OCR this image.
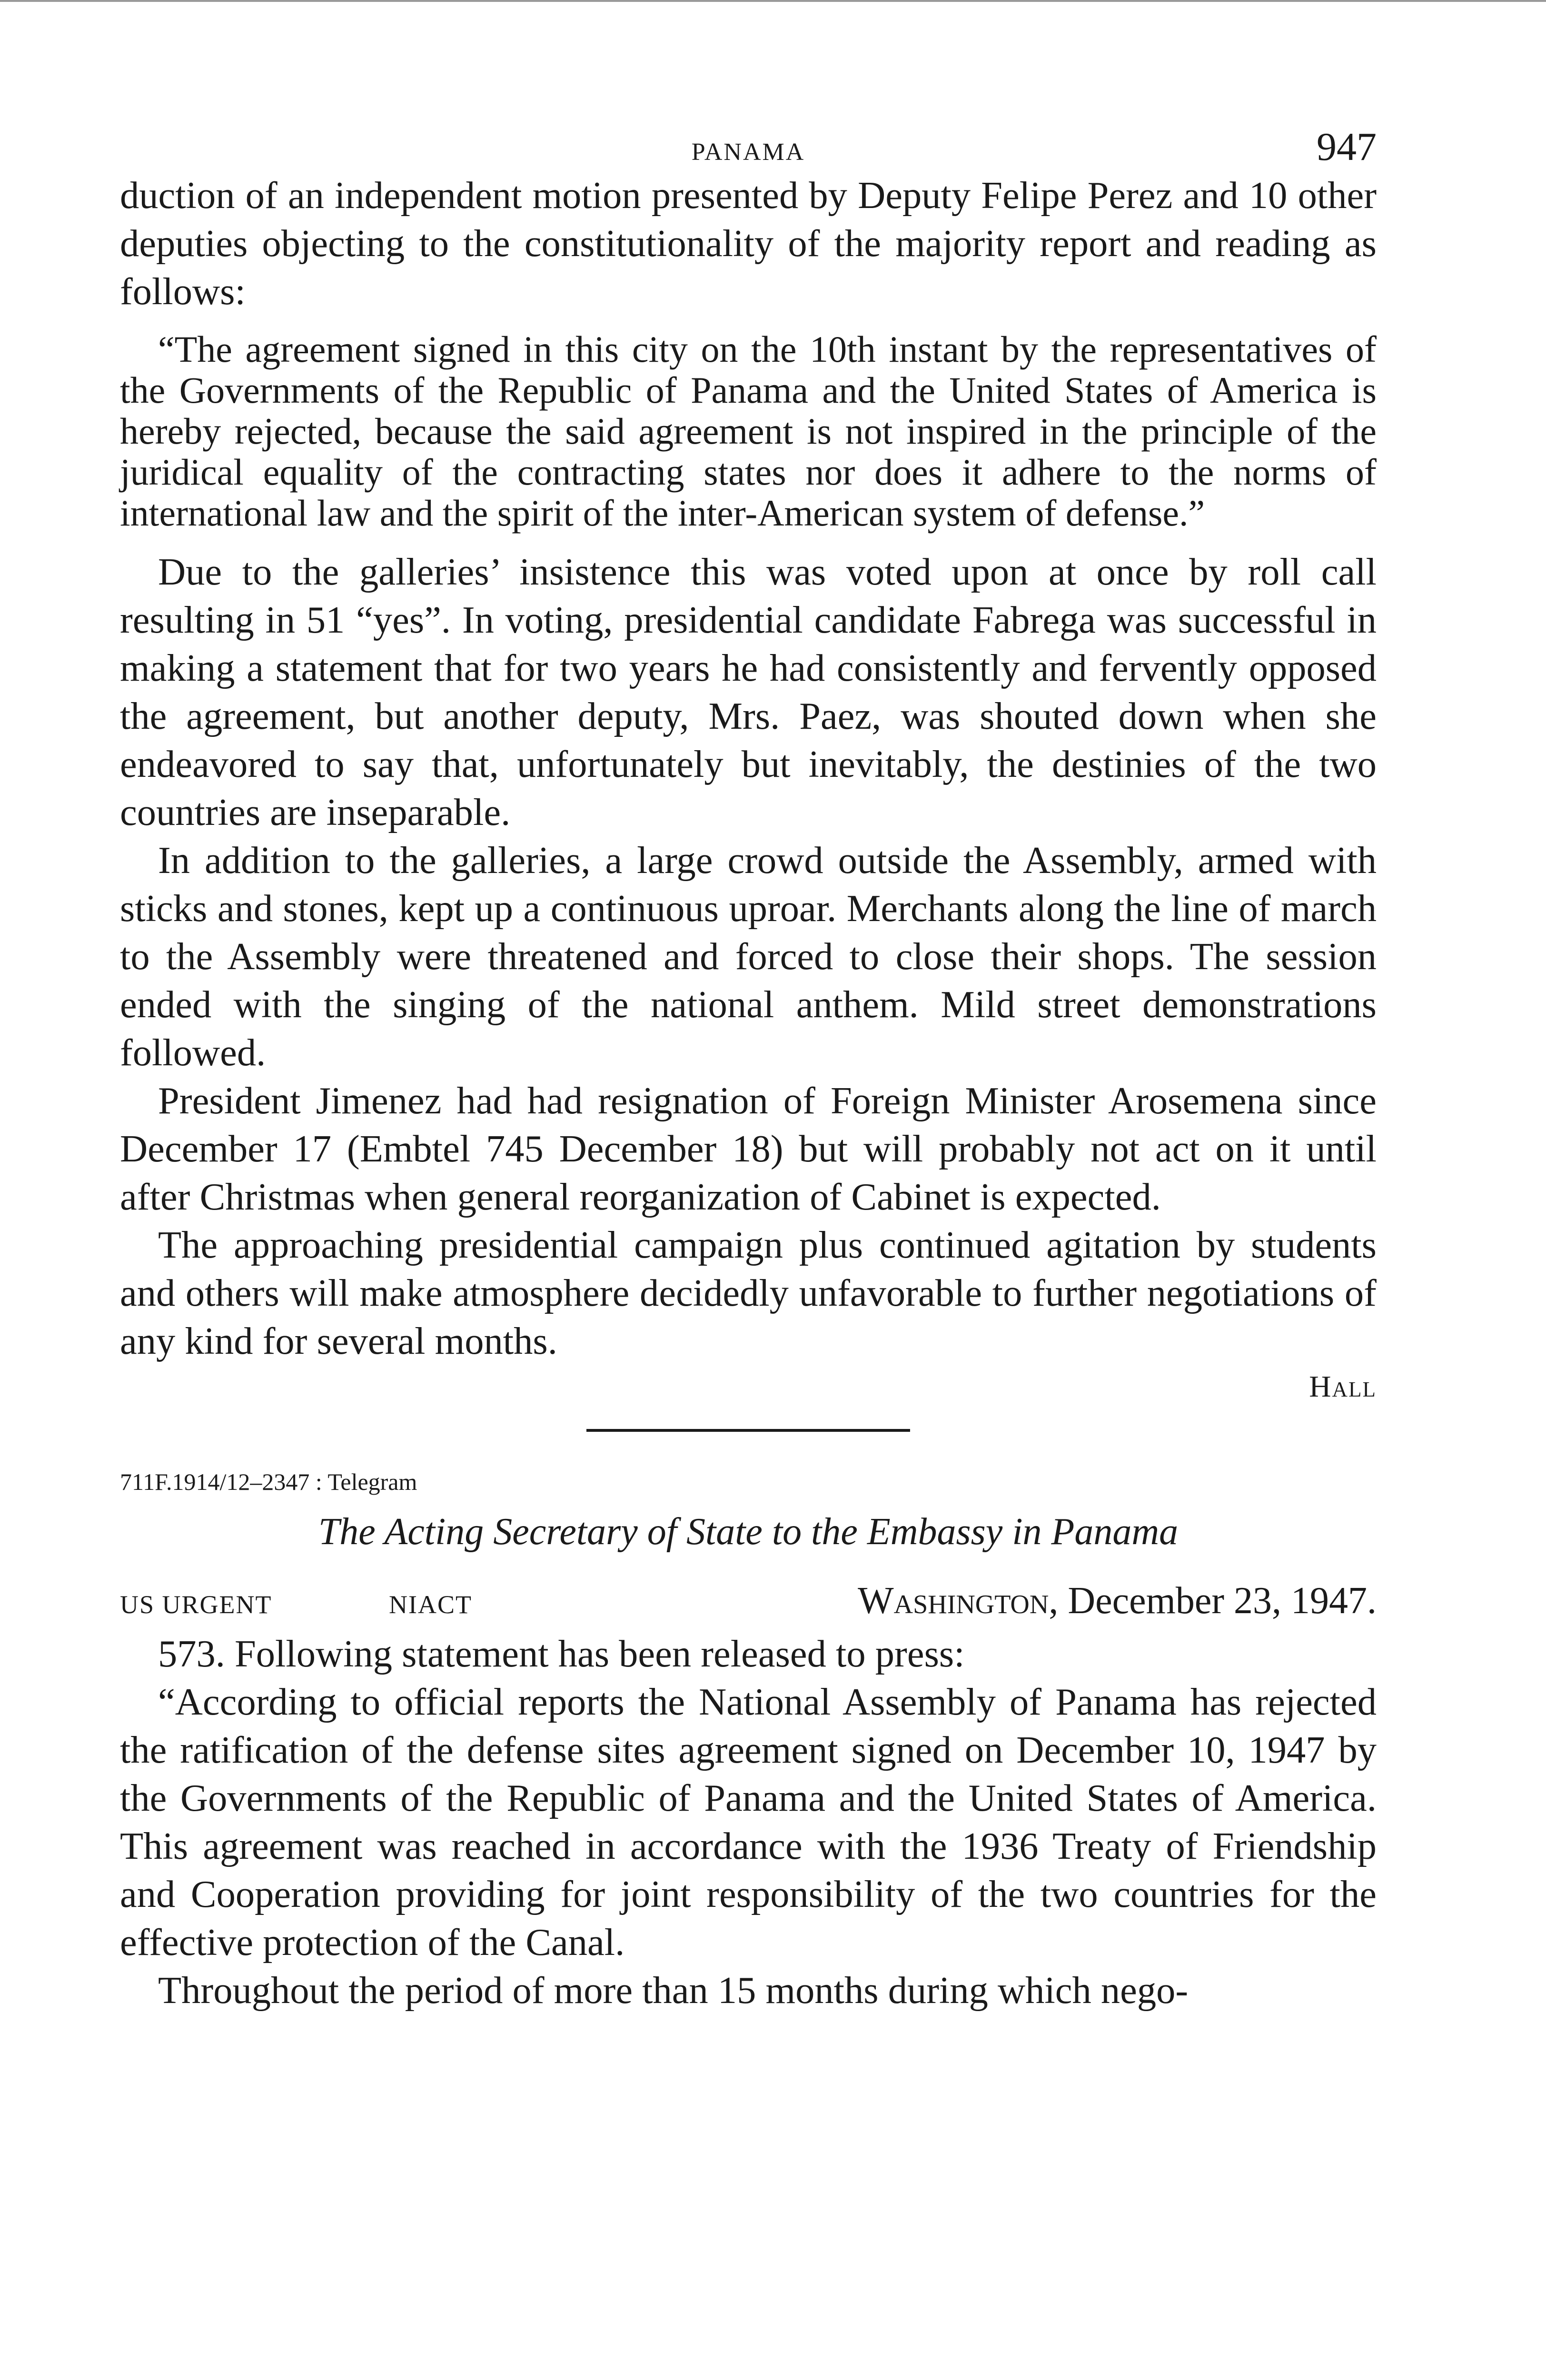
PANAMA	947

duction of an independent motion presented by Deputy Felipe Perez and 10 other deputies objecting to the constitutionality of the majority report and reading as follows:

“The agreement signed in this city on the 10th instant by the representatives of the Governments of the Republic of Panama and the United States of America is hereby rejected, because the said agreement is not inspired in the principle of the juridical equality of the contracting states nor does it adhere to the norms of international law and the spirit of the inter-American system of defense.”

Due to the galleries’ insistence this was voted upon at once by roll call resulting in 51 “yes”. In voting, presidential candidate Fabrega was successful in making a statement that for two years he had consistently and fervently opposed the agreement, but another deputy, Mrs. Paez, was shouted down when she endeavored to say that, unfortunately but inevitably, the destinies of the two countries are inseparable.

In addition to the galleries, a large crowd outside the Assembly, armed with sticks and stones, kept up a continuous uproar. Merchants along the line of march to the Assembly were threatened and forced to close their shops. The session ended with the singing of the national anthem. Mild street demonstrations followed.

President Jimenez had had resignation of Foreign Minister Arosemena since December 17 (Embtel 745 December 18) but will probably not act on it until after Christmas when general reorganization of Cabinet is expected.

The approaching presidential campaign plus continued agitation by students and others will make atmosphere decidedly unfavorable to further negotiations of any kind for several months.

Hall

711F.1914/12–2347 : Telegram

The Acting Secretary of State to the Embassy in Panama

US URGENT	NIACT	Washington, December 23, 1947.

573. Following statement has been released to press:

“According to official reports the National Assembly of Panama has rejected the ratification of the defense sites agreement signed on December 10, 1947 by the Governments of the Republic of Panama and the United States of America. This agreement was reached in accordance with the 1936 Treaty of Friendship and Cooperation providing for joint responsibility of the two countries for the effective protection of the Canal.

Throughout the period of more than 15 months during which nego-
